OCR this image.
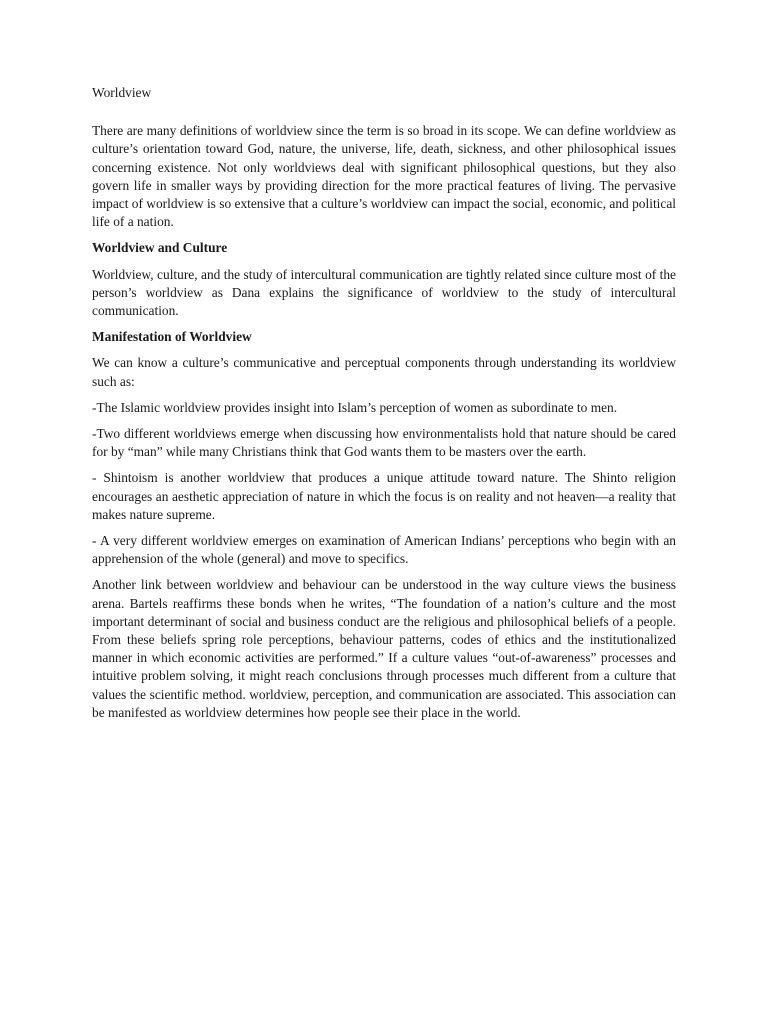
Worldview

There are many definitions of worldview since the term is so broad in its scope. We can define worldview as culture’s orientation toward God, nature, the universe, life, death, sickness, and other philosophical issues concerning existence. Not only worldviews deal with significant philosophical questions, but they also govern life in smaller ways by providing direction for the more practical features of living. The pervasive impact of worldview is so extensive that a culture’s worldview can impact the social, economic, and political life of a nation.

Worldview and Culture

Worldview, culture, and the study of intercultural communication are tightly related since culture most of the person’s worldview as Dana explains the significance of worldview to the study of intercultural communication.

Manifestation of Worldview

We can know a culture’s communicative and perceptual components through understanding its worldview such as:

-The Islamic worldview provides insight into Islam’s perception of women as subordinate to men.

-Two different worldviews emerge when discussing how environmentalists hold that nature should be cared for by “man” while many Christians think that God wants them to be masters over the earth.

- Shintoism is another worldview that produces a unique attitude toward nature. The Shinto religion encourages an aesthetic appreciation of nature in which the focus is on reality and not heaven—a reality that makes nature supreme.

- A very different worldview emerges on examination of American Indians’ perceptions who begin with an apprehension of the whole (general) and move to specifics.

Another link between worldview and behaviour can be understood in the way culture views the business arena. Bartels reaffirms these bonds when he writes, “The foundation of a nation’s culture and the most important determinant of social and business conduct are the religious and philosophical beliefs of a people. From these beliefs spring role perceptions, behaviour patterns, codes of ethics and the institutionalized manner in which economic activities are performed.” If a culture values “out-of-awareness” processes and intuitive problem solving, it might reach conclusions through processes much different from a culture that values the scientific method. worldview, perception, and communication are associated. This association can be manifested as worldview determines how people see their place in the world.
